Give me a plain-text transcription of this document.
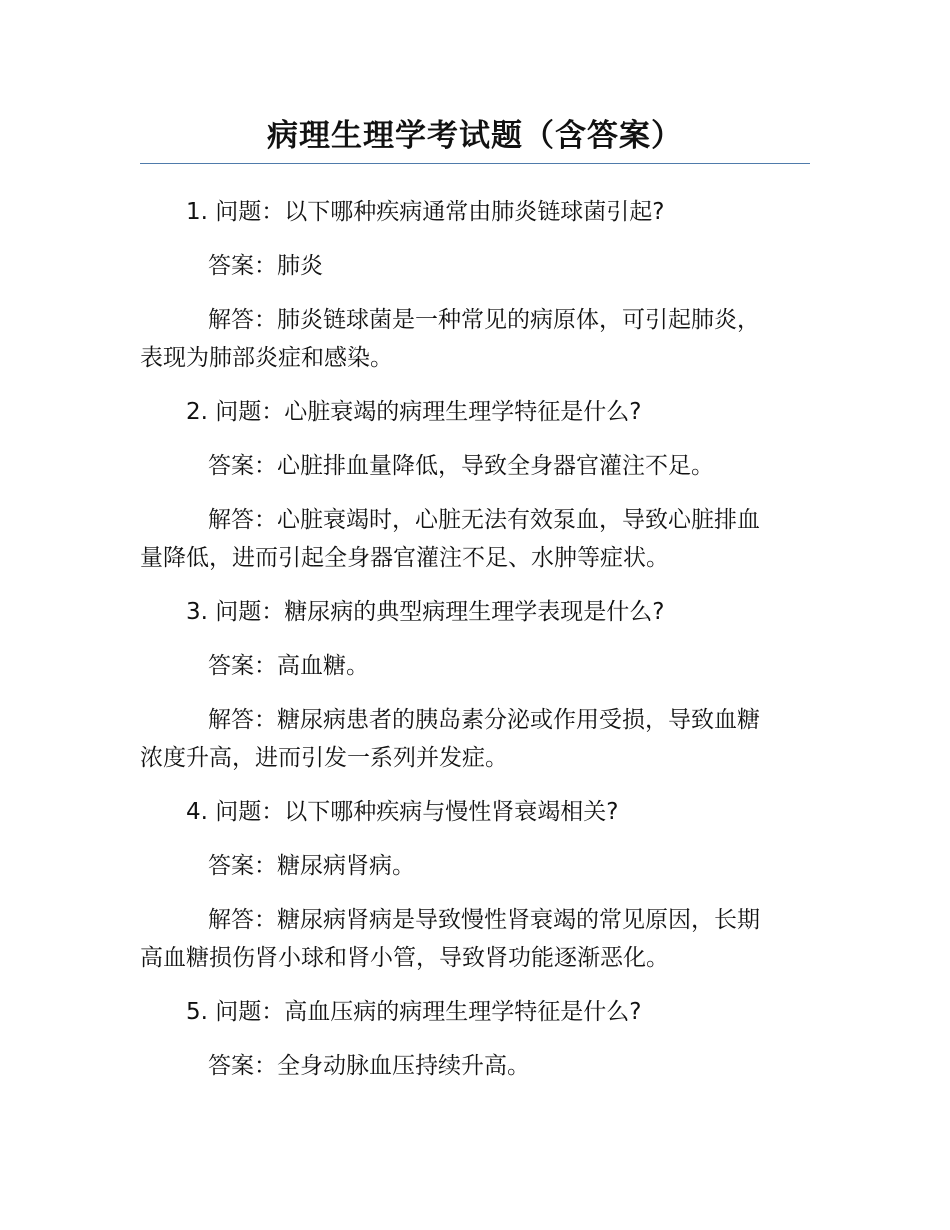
病理生理学考试题（含答案）

1. 问题：以下哪种疾病通常由肺炎链球菌引起?

答案：肺炎

解答：肺炎链球菌是一种常见的病原体，可引起肺炎，
表现为肺部炎症和感染。

2. 问题：心脏衰竭的病理生理学特征是什么?

答案：心脏排血量降低，导致全身器官灌注不足。

解答：心脏衰竭时，心脏无法有效泵血，导致心脏排血
量降低，进而引起全身器官灌注不足、水肿等症状。

3. 问题：糖尿病的典型病理生理学表现是什么?

答案：高血糖。

解答：糖尿病患者的胰岛素分泌或作用受损，导致血糖
浓度升高，进而引发一系列并发症。

4. 问题：以下哪种疾病与慢性肾衰竭相关?

答案：糖尿病肾病。

解答：糖尿病肾病是导致慢性肾衰竭的常见原因，长期
高血糖损伤肾小球和肾小管，导致肾功能逐渐恶化。

5. 问题：高血压病的病理生理学特征是什么?

答案：全身动脉血压持续升高。
